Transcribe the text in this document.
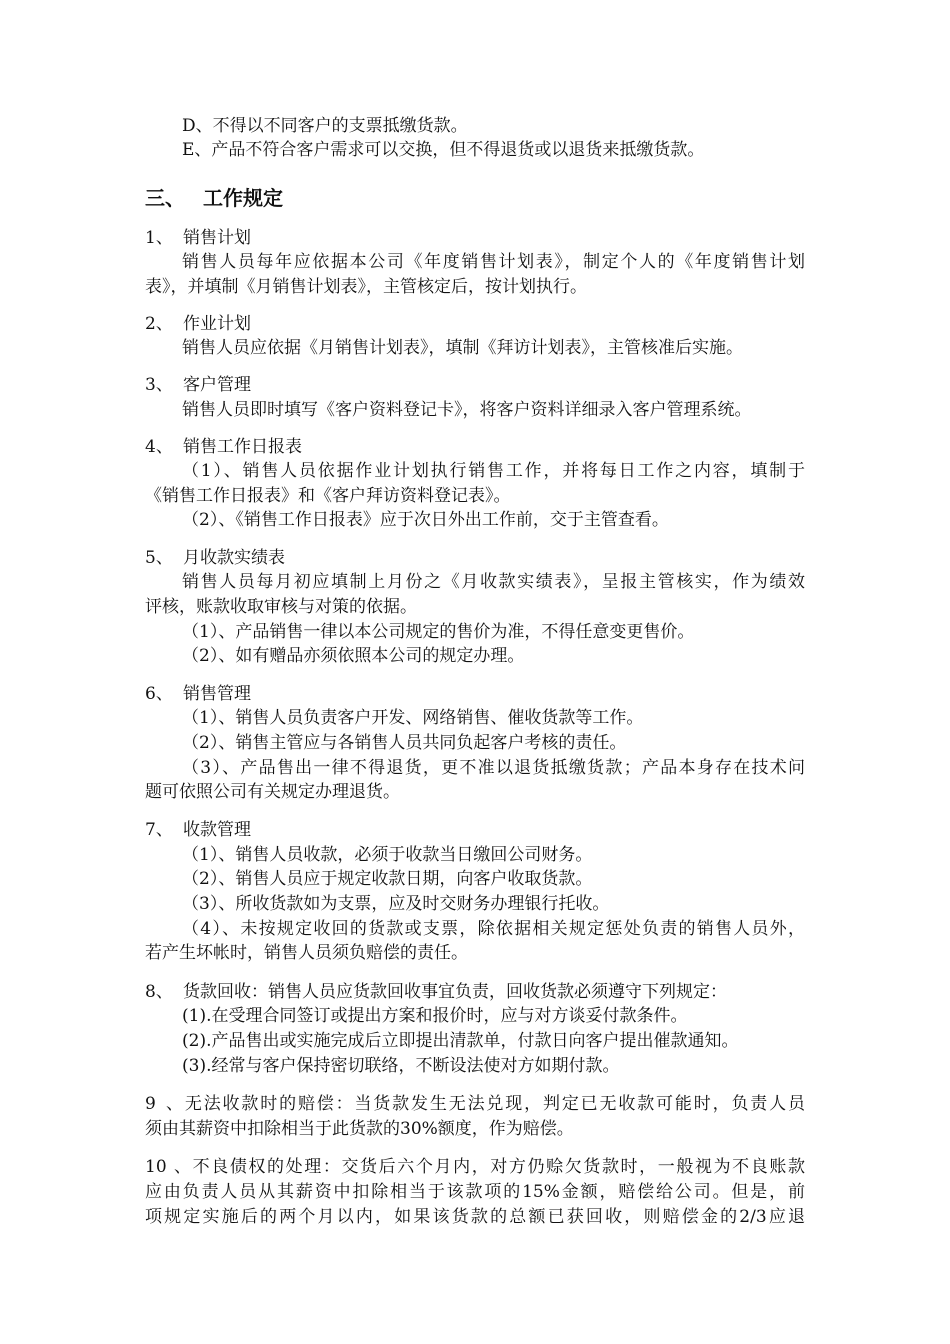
D、不得以不同客户的支票抵缴货款。
E、产品不符合客户需求可以交换，但不得退货或以退货来抵缴货款。
三、 工作规定
1、 销售计划
销售人员每年应依据本公司《年度销售计划表》，制定个人的《年度销售计划
表》，并填制《月销售计划表》，主管核定后，按计划执行。
2、 作业计划
销售人员应依据《月销售计划表》，填制《拜访计划表》，主管核准后实施。
3、 客户管理
销售人员即时填写《客户资料登记卡》，将客户资料详细录入客户管理系统。
4、 销售工作日报表
（1）、销售人员依据作业计划执行销售工作，并将每日工作之内容，填制于
《销售工作日报表》和《客户拜访资料登记表》。
（2）、《销售工作日报表》应于次日外出工作前，交于主管查看。
5、 月收款实绩表
销售人员每月初应填制上月份之《月收款实绩表》，呈报主管核实，作为绩效
评核，账款收取审核与对策的依据。
（1）、产品销售一律以本公司规定的售价为准，不得任意变更售价。
（2）、如有赠品亦须依照本公司的规定办理。
6、 销售管理
（1）、销售人员负责客户开发、网络销售、催收货款等工作。
（2）、销售主管应与各销售人员共同负起客户考核的责任。
（3）、产品售出一律不得退货，更不准以退货抵缴货款；产品本身存在技术问
题可依照公司有关规定办理退货。
7、 收款管理
（1）、销售人员收款，必须于收款当日缴回公司财务。
（2）、销售人员应于规定收款日期，向客户收取货款。
（3）、所收货款如为支票，应及时交财务办理银行托收。
（4）、未按规定收回的货款或支票，除依据相关规定惩处负责的销售人员外，
若产生坏帐时，销售人员须负赔偿的责任。
8、 货款回收：销售人员应货款回收事宜负责，回收货款必须遵守下列规定：
(1).在受理合同签订或提出方案和报价时，应与对方谈妥付款条件。
(2).产品售出或实施完成后立即提出清款单，付款日向客户提出催款通知。
(3).经常与客户保持密切联络，不断设法使对方如期付款。
9、无法收款时的赔偿：当货款发生无法兑现，判定已无收款可能时，负责人员
须由其薪资中扣除相当于此货款的30%额度，作为赔偿。
10、不良债权的处理：交货后六个月内，对方仍赊欠货款时，一般视为不良账款
应由负责人员从其薪资中扣除相当于该款项的15%金额，赔偿给公司。但是，前
项规定实施后的两个月以内，如果该货款的总额已获回收，则赔偿金的2/3应退
